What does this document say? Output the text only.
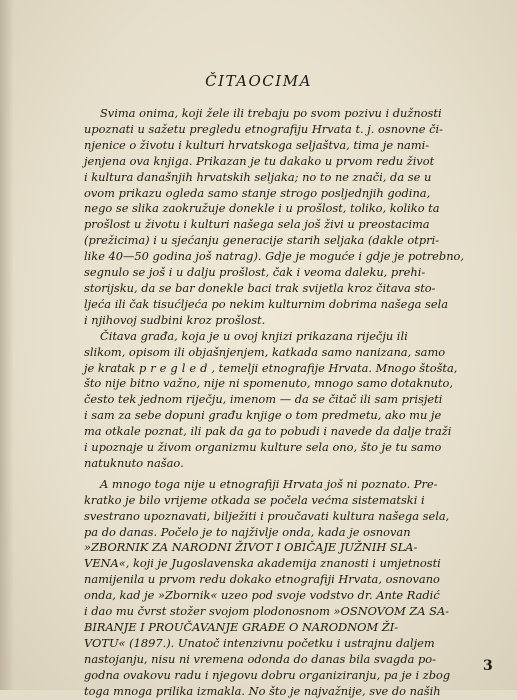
ČITAOCIMA

Svima onima, koji žele ili trebaju po svom pozivu i dužnosti
upoznati u sažetu pregledu etnografiju Hrvata t. j. osnovne či-
njenice o životu i kulturi hrvatskoga seljaštva, tima je nami-
jenjena ova knjiga. Prikazan je tu dakako u prvom redu život
i kultura današnjih hrvatskih seljaka; no to ne znači, da se u
ovom prikazu ogleda samo stanje strogo posljednjih godina,
nego se slika zaokružuje donekle i u prošlost, toliko, koliko ta
prošlost u životu i kulturi našega sela još živi u preostacima
(prežicima) i u sjećanju generacije starih seljaka (dakle otpri-
like 40—50 godina još natrag). Gdje je moguće i gdje je potrebno,
segnulo se još i u dalju prošlost, čak i veoma daleku, prehi-
storijsku, da se bar donekle baci trak svijetla kroz čitava sto-
ljeća ili čak tisućljeća po nekim kulturnim dobrima našega sela
i njihovoj sudbini kroz prošlost.

Čitava građa, koja je u ovoj knjizi prikazana riječju ili
slikom, opisom ili objašnjenjem, katkada samo nanizana, samo
je kratak pregled, temelji etnografije Hrvata. Mnogo štošta,
što nije bitno važno, nije ni spomenuto, mnogo samo dotaknuto,
često tek jednom riječju, imenom — da se čitač ili sam prisjeti
i sam za sebe dopuni građu knjige o tom predmetu, ako mu je
ma otkale poznat, ili pak da ga to pobudi i navede da dalje traži
i upoznaje u živom organizmu kulture sela ono, što je tu samo
natuknuto našao.

A mnogo toga nije u etnografiji Hrvata još ni poznato. Pre-
kratko je bilo vrijeme otkada se počela većma sistematski i
svestrano upoznavati, bilježiti i proučavati kultura našega sela,
pa do danas. Počelo je to najživlje onda, kada je osnovan
»ZBORNIK ZA NARODNI ŽIVOT I OBIČAJE JUŽNIH SLA-
VENA«, koji je Jugoslavenska akademija znanosti i umjetnosti
namijenila u prvom redu dokako etnografiji Hrvata, osnovano
onda, kad je »Zbornik« uzeo pod svoje vodstvo dr. Ante Radić
i dao mu čvrst stožer svojom plodonosnom »OSNOVOM ZA SA-
BIRANJE I PROUČAVANJE GRAĐE O NARODNOM ŽI-
VOTU« (1897.). Unatoč intenzivnu početku i ustrajnu daljem
nastojanju, nisu ni vremena odonda do danas bila svagda po-
godna ovakovu radu i njegovu dobru organiziranju, pa je i zbog
toga mnoga prilika izmakla. No što je najvažnije, sve do naših

3
